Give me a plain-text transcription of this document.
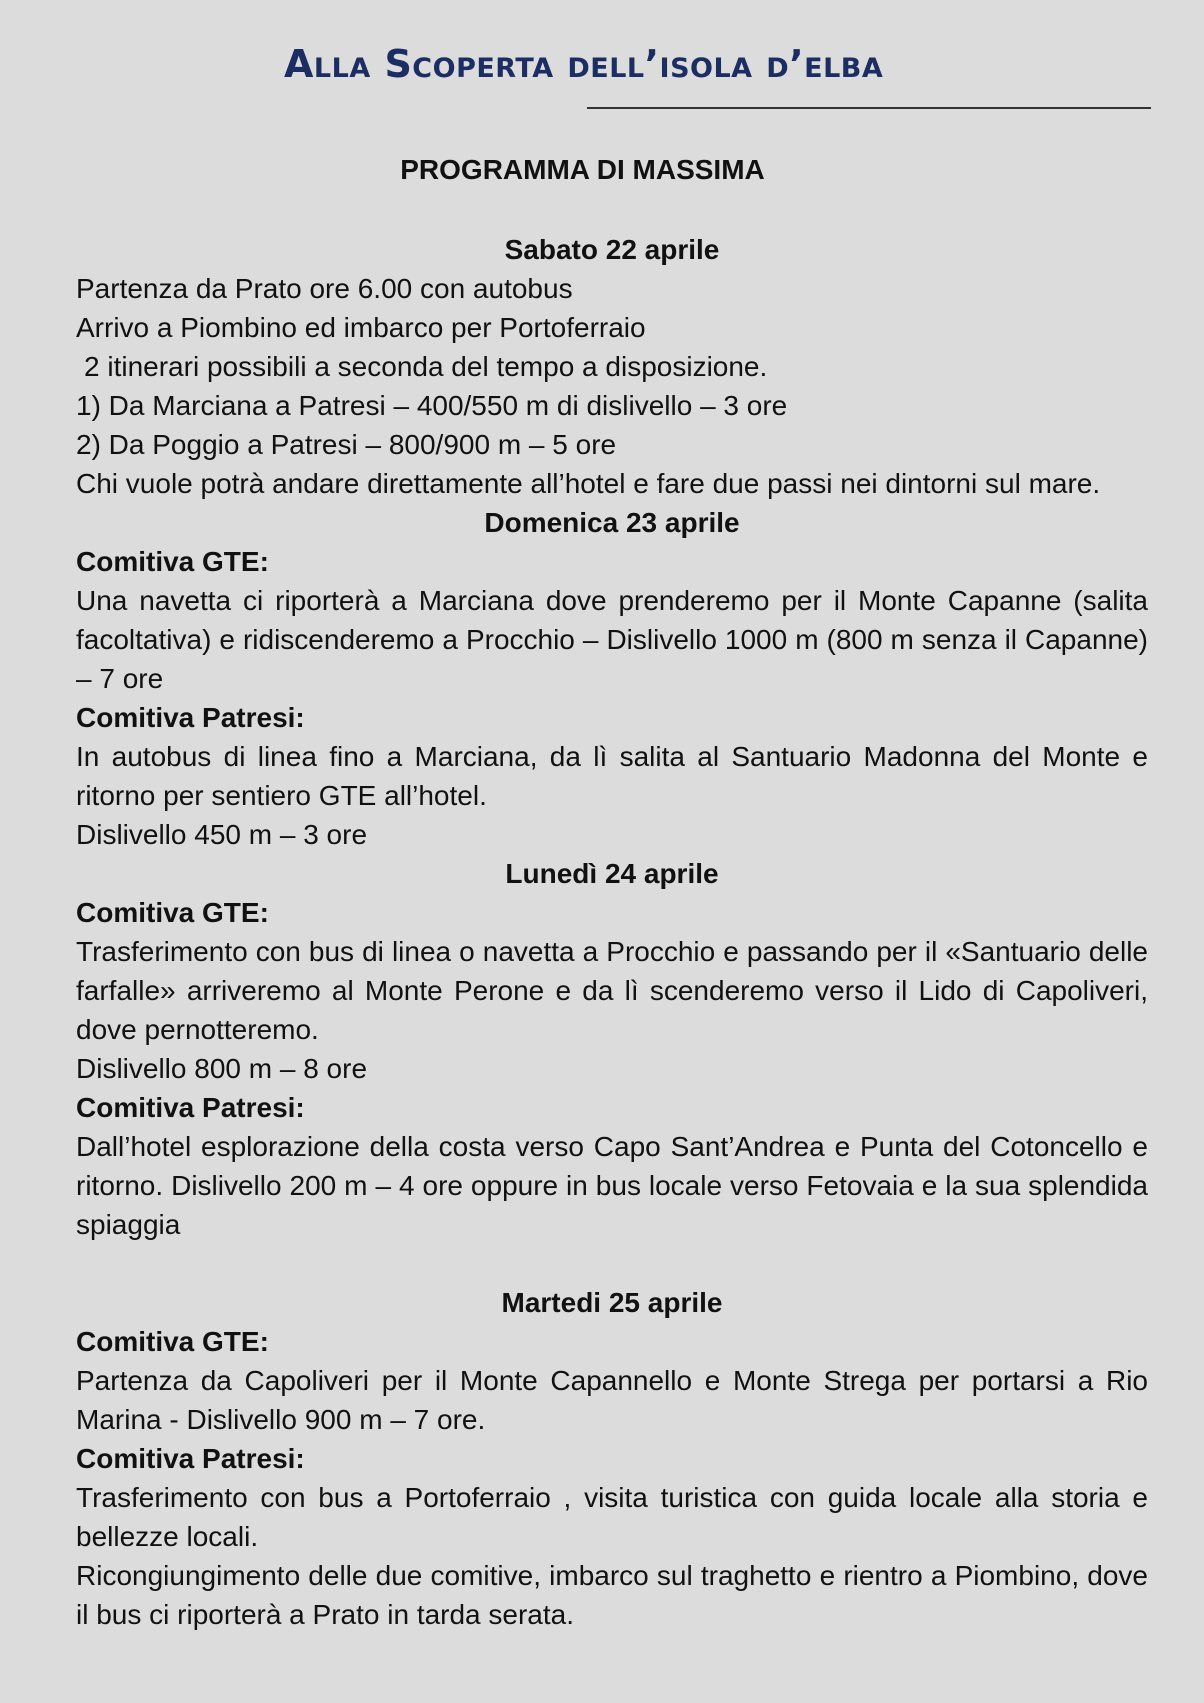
Alla Scoperta dell’isola d’elba
PROGRAMMA DI MASSIMA

Sabato 22 aprile

Partenza da Prato ore 6.00 con autobus

Arrivo a Piombino ed imbarco per Portoferraio

2 itinerari possibili a seconda del tempo a disposizione.

1) Da Marciana a Patresi – 400/550 m di dislivello – 3 ore

2) Da Poggio a Patresi – 800/900 m – 5 ore

Chi vuole potrà andare direttamente all’hotel e fare due passi nei dintorni sul mare.

Domenica 23 aprile

Comitiva GTE:

Una navetta ci riporterà a Marciana dove prenderemo per il Monte Capanne (salita facoltativa) e ridiscenderemo a Procchio – Dislivello 1000 m (800 m senza il Capanne) – 7 ore

Comitiva Patresi:

In autobus di linea fino a Marciana, da lì salita al Santuario Madonna del Monte e ritorno per sentiero GTE all’hotel.

Dislivello 450 m – 3 ore

Lunedì 24 aprile

Comitiva GTE:

Trasferimento con bus di linea o navetta a Procchio e passando per il «Santuario delle farfalle» arriveremo al Monte Perone e da lì scenderemo verso il Lido di Capoliveri, dove pernotteremo.

Dislivello 800 m – 8 ore

Comitiva Patresi:

Dall’hotel esplorazione della costa verso Capo Sant’Andrea e Punta del Cotoncello e ritorno. Dislivello 200 m – 4 ore oppure in bus locale verso Fetovaia e la sua splendida spiaggia

Martedi 25 aprile

Comitiva GTE:

Partenza da Capoliveri per il Monte Capannello e Monte Strega per portarsi a Rio Marina - Dislivello 900 m – 7 ore.

Comitiva Patresi:

Trasferimento con bus a Portoferraio , visita turistica con guida locale alla storia e bellezze locali.

Ricongiungimento delle due comitive, imbarco sul traghetto e rientro a Piombino, dove il bus ci riporterà a Prato in tarda serata.
